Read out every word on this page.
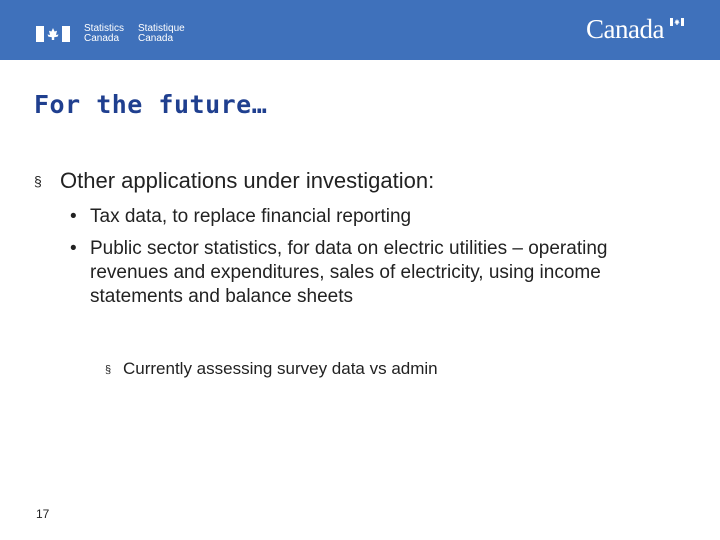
Statistics
Canada
Statistique
Canada	Canada
For the future…
§ Other applications under investigation:
• Tax data, to replace financial reporting
• Public sector statistics, for data on electric utilities – operating revenues and expenditures, sales of electricity, using income statements and balance sheets
§ Currently assessing survey data vs admin
17
